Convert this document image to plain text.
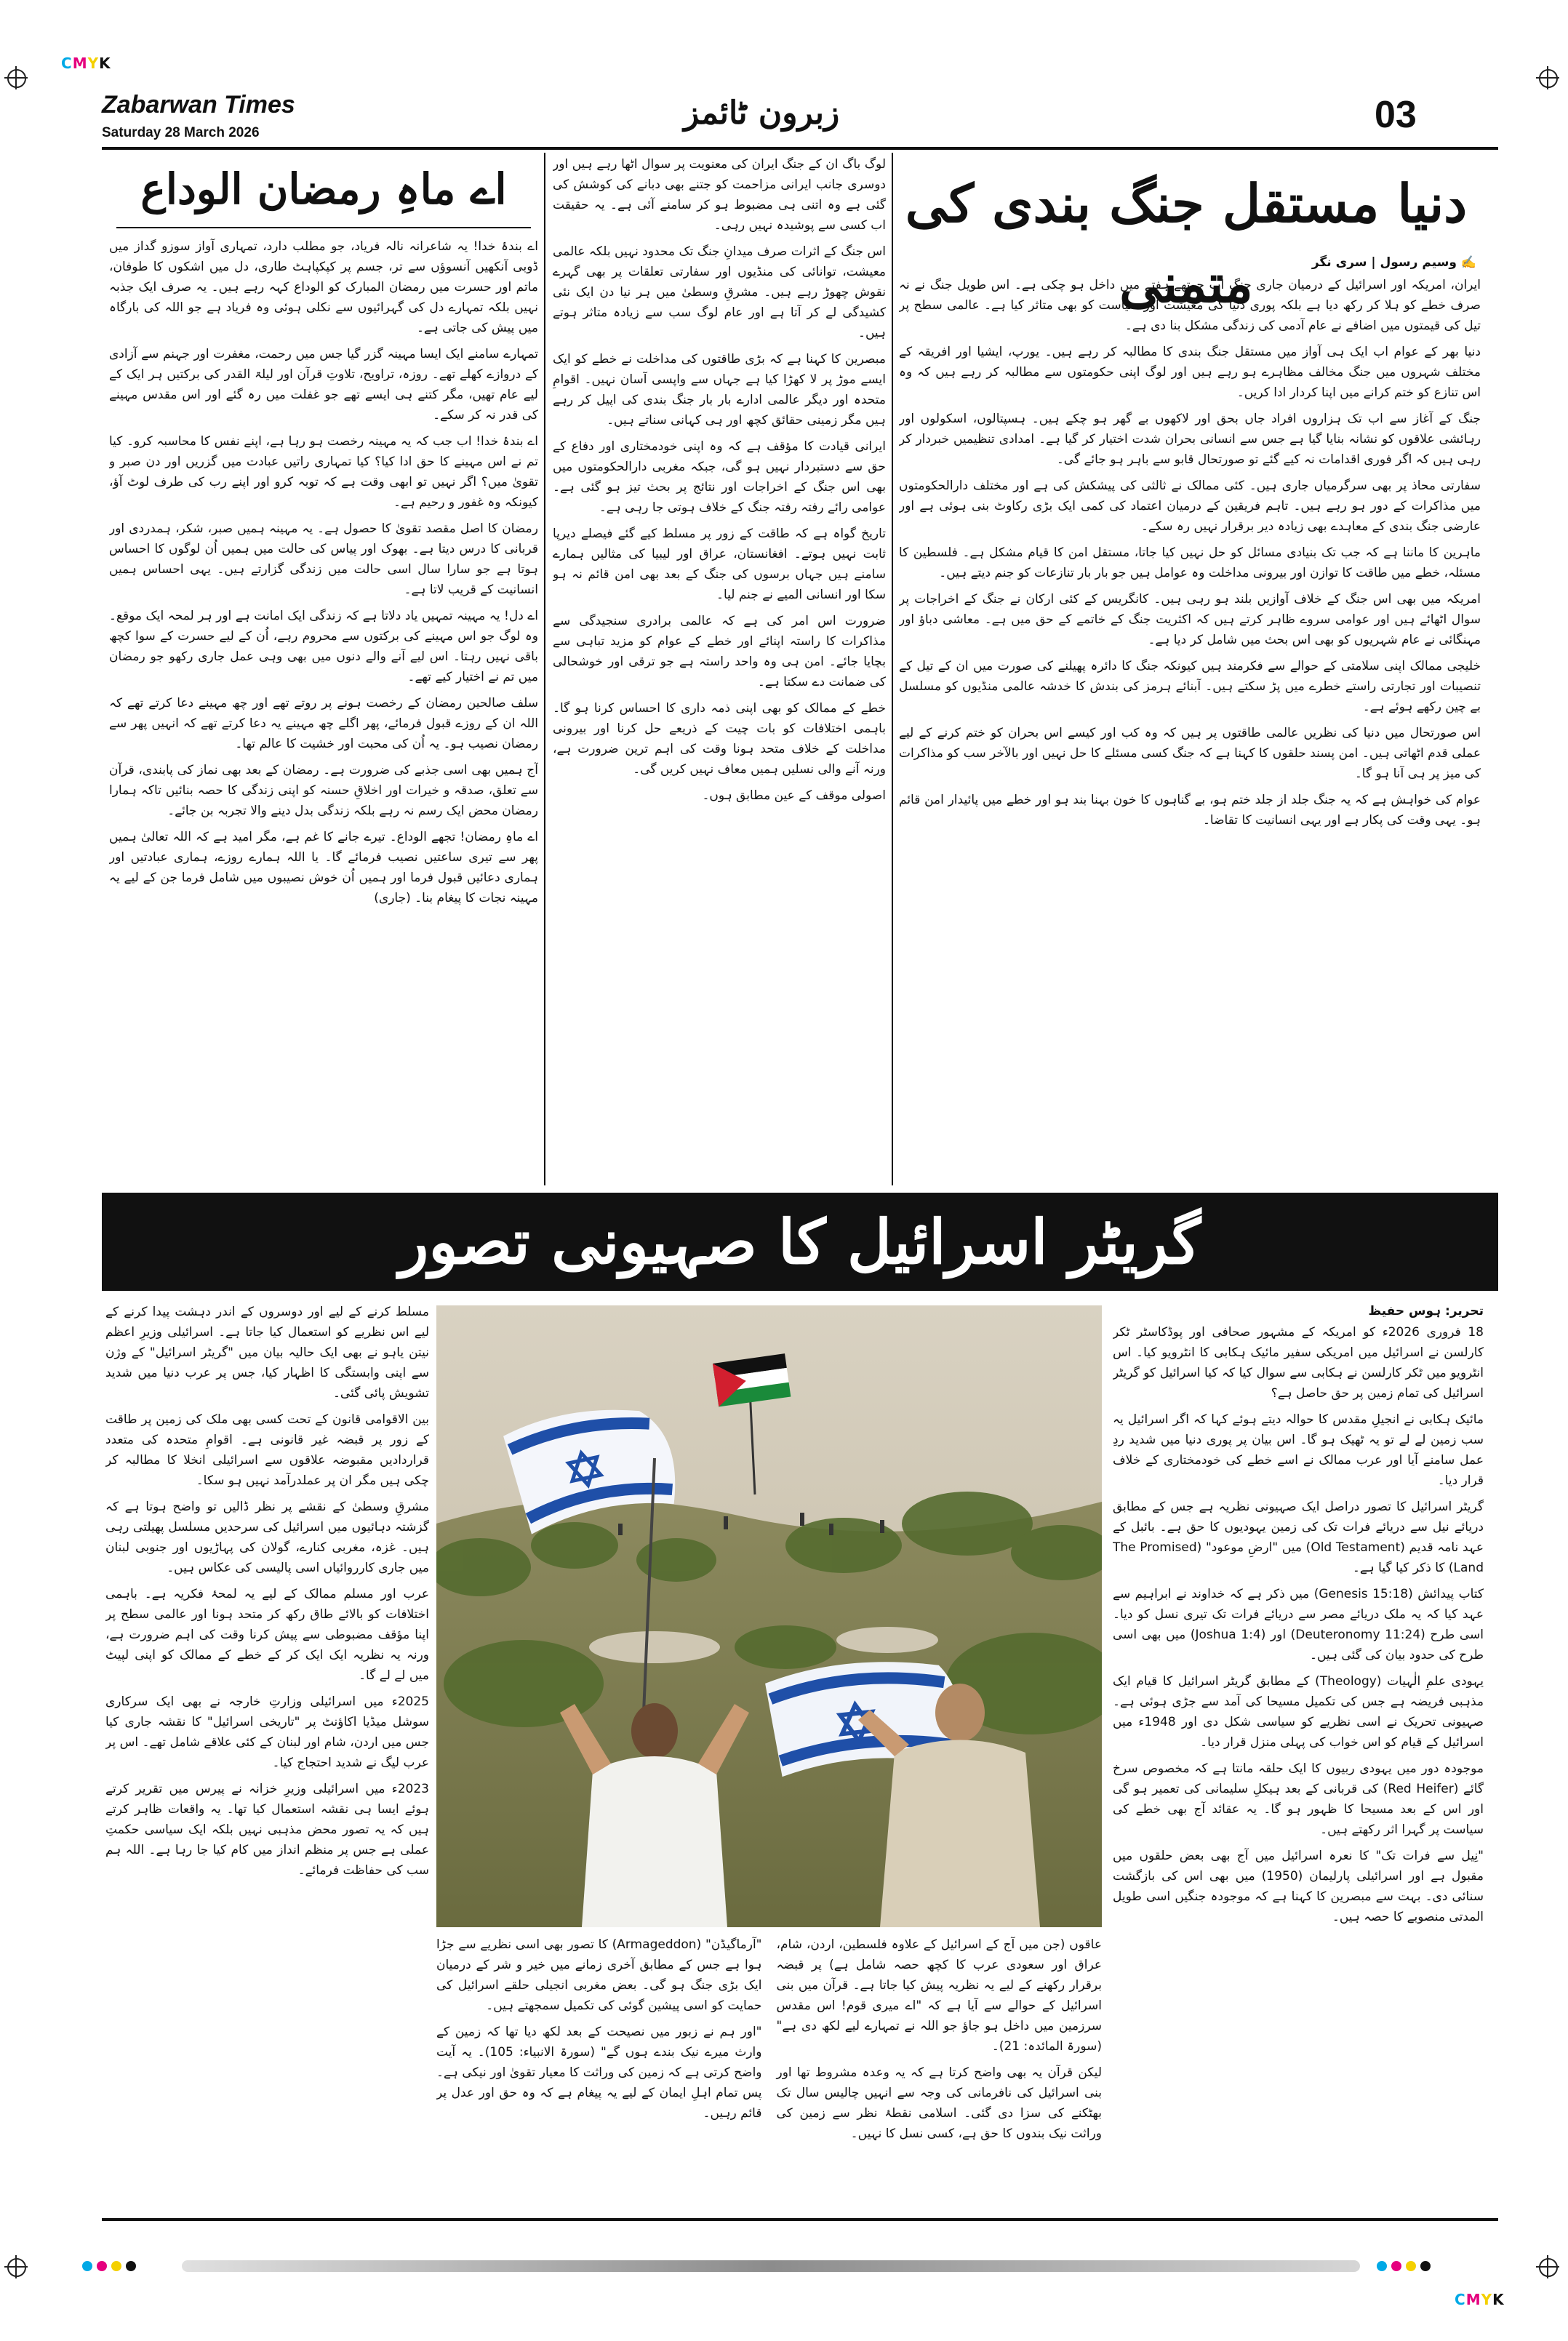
CMYK
Zabarwan Times
Saturday 28 March 2026
زبرون ٹائمز	03
اے ماہِ رمضان الوداع

اے بندۂ خدا! یہ شاعرانہ نالہ فریاد، جو مطلب دارد، تمہاری آواز سوزو گداز میں ڈوبی آنکھیں آنسوؤں سے تر، جسم پر کپکپاہٹ طاری، دل میں اشکوں کا طوفان، ماتم اور حسرت میں رمضان المبارک کو الوداع کہہ رہے ہیں۔ یہ صرف ایک جذبہ نہیں بلکہ تمہارے دل کی گہرائیوں سے نکلی ہوئی وہ فریاد ہے جو اللہ کی بارگاہ میں پیش کی جاتی ہے۔

تمہارے سامنے ایک ایسا مہینہ گزر گیا جس میں رحمت، مغفرت اور جہنم سے آزادی کے دروازے کھلے تھے۔ روزہ، تراویح، تلاوتِ قرآن اور لیلۃ القدر کی برکتیں ہر ایک کے لیے عام تھیں، مگر کتنے ہی ایسے تھے جو غفلت میں رہ گئے اور اس مقدس مہینے کی قدر نہ کر سکے۔

اے بندۂ خدا! اب جب کہ یہ مہینہ رخصت ہو رہا ہے، اپنے نفس کا محاسبہ کرو۔ کیا تم نے اس مہینے کا حق ادا کیا؟ کیا تمہاری راتیں عبادت میں گزریں اور دن صبر و تقویٰ میں؟ اگر نہیں تو ابھی وقت ہے کہ توبہ کرو اور اپنے رب کی طرف لوٹ آؤ، کیونکہ وہ غفور و رحیم ہے۔

رمضان کا اصل مقصد تقویٰ کا حصول ہے۔ یہ مہینہ ہمیں صبر، شکر، ہمدردی اور قربانی کا درس دیتا ہے۔ بھوک اور پیاس کی حالت میں ہمیں اُن لوگوں کا احساس ہوتا ہے جو سارا سال اسی حالت میں زندگی گزارتے ہیں۔ یہی احساس ہمیں انسانیت کے قریب لاتا ہے۔

اے دل! یہ مہینہ تمہیں یاد دلاتا ہے کہ زندگی ایک امانت ہے اور ہر لمحہ ایک موقع۔ وہ لوگ جو اس مہینے کی برکتوں سے محروم رہے، اُن کے لیے حسرت کے سوا کچھ باقی نہیں رہتا۔ اس لیے آنے والے دنوں میں بھی وہی عمل جاری رکھو جو رمضان میں تم نے اختیار کیے تھے۔

سلف صالحین رمضان کے رخصت ہونے پر روتے تھے اور چھ مہینے دعا کرتے تھے کہ اللہ ان کے روزے قبول فرمائے، پھر اگلے چھ مہینے یہ دعا کرتے تھے کہ انہیں پھر سے رمضان نصیب ہو۔ یہ اُن کی محبت اور خشیت کا عالم تھا۔

آج ہمیں بھی اسی جذبے کی ضرورت ہے۔ رمضان کے بعد بھی نماز کی پابندی، قرآن سے تعلق، صدقہ و خیرات اور اخلاقِ حسنہ کو اپنی زندگی کا حصہ بنائیں تاکہ ہمارا رمضان محض ایک رسم نہ رہے بلکہ زندگی بدل دینے والا تجربہ بن جائے۔

اے ماہِ رمضان! تجھے الوداع۔ تیرے جانے کا غم ہے، مگر امید ہے کہ اللہ تعالیٰ ہمیں پھر سے تیری ساعتیں نصیب فرمائے گا۔ یا اللہ ہمارے روزے، ہماری عبادتیں اور ہماری دعائیں قبول فرما اور ہمیں اُن خوش نصیبوں میں شامل فرما جن کے لیے یہ مہینہ نجات کا پیغام بنا۔ (جاری)

لوگ باگ ان کے جنگ ایران کی معنویت پر سوال اٹھا رہے ہیں اور دوسری جانب ایرانی مزاحمت کو جتنے بھی دبانے کی کوشش کی گئی ہے وہ اتنی ہی مضبوط ہو کر سامنے آئی ہے۔ یہ حقیقت اب کسی سے پوشیدہ نہیں رہی۔

اس جنگ کے اثرات صرف میدانِ جنگ تک محدود نہیں بلکہ عالمی معیشت، توانائی کی منڈیوں اور سفارتی تعلقات پر بھی گہرے نقوش چھوڑ رہے ہیں۔ مشرقِ وسطیٰ میں ہر نیا دن ایک نئی کشیدگی لے کر آتا ہے اور عام لوگ سب سے زیادہ متاثر ہوتے ہیں۔

مبصرین کا کہنا ہے کہ بڑی طاقتوں کی مداخلت نے خطے کو ایک ایسے موڑ پر لا کھڑا کیا ہے جہاں سے واپسی آسان نہیں۔ اقوامِ متحدہ اور دیگر عالمی ادارے بار بار جنگ بندی کی اپیل کر رہے ہیں مگر زمینی حقائق کچھ اور ہی کہانی سناتے ہیں۔

ایرانی قیادت کا مؤقف ہے کہ وہ اپنی خودمختاری اور دفاع کے حق سے دستبردار نہیں ہو گی، جبکہ مغربی دارالحکومتوں میں بھی اس جنگ کے اخراجات اور نتائج پر بحث تیز ہو گئی ہے۔ عوامی رائے رفتہ رفتہ جنگ کے خلاف ہوتی جا رہی ہے۔

تاریخ گواہ ہے کہ طاقت کے زور پر مسلط کیے گئے فیصلے دیرپا ثابت نہیں ہوتے۔ افغانستان، عراق اور لیبیا کی مثالیں ہمارے سامنے ہیں جہاں برسوں کی جنگ کے بعد بھی امن قائم نہ ہو سکا اور انسانی المیے نے جنم لیا۔

ضرورت اس امر کی ہے کہ عالمی برادری سنجیدگی سے مذاکرات کا راستہ اپنائے اور خطے کے عوام کو مزید تباہی سے بچایا جائے۔ امن ہی وہ واحد راستہ ہے جو ترقی اور خوشحالی کی ضمانت دے سکتا ہے۔

خطے کے ممالک کو بھی اپنی ذمہ داری کا احساس کرنا ہو گا۔ باہمی اختلافات کو بات چیت کے ذریعے حل کرنا اور بیرونی مداخلت کے خلاف متحد ہونا وقت کی اہم ترین ضرورت ہے، ورنہ آنے والی نسلیں ہمیں معاف نہیں کریں گی۔

اصولی موقف کے عین مطابق ہوں۔

دنیا مستقل جنگ بندی کی متمنی	✍️ وسیم رسول | سری نگر

ایران، امریکہ اور اسرائیل کے درمیان جاری جنگ اب چوتھے ہفتے میں داخل ہو چکی ہے۔ اس طویل جنگ نے نہ صرف خطے کو ہلا کر رکھ دیا ہے بلکہ پوری دنیا کی معیشت اور سیاست کو بھی متاثر کیا ہے۔ عالمی سطح پر تیل کی قیمتوں میں اضافے نے عام آدمی کی زندگی مشکل بنا دی ہے۔

دنیا بھر کے عوام اب ایک ہی آواز میں مستقل جنگ بندی کا مطالبہ کر رہے ہیں۔ یورپ، ایشیا اور افریقہ کے مختلف شہروں میں جنگ مخالف مظاہرے ہو رہے ہیں اور لوگ اپنی حکومتوں سے مطالبہ کر رہے ہیں کہ وہ اس تنازع کو ختم کرانے میں اپنا کردار ادا کریں۔

جنگ کے آغاز سے اب تک ہزاروں افراد جاں بحق اور لاکھوں بے گھر ہو چکے ہیں۔ ہسپتالوں، اسکولوں اور رہائشی علاقوں کو نشانہ بنایا گیا ہے جس سے انسانی بحران شدت اختیار کر گیا ہے۔ امدادی تنظیمیں خبردار کر رہی ہیں کہ اگر فوری اقدامات نہ کیے گئے تو صورتحال قابو سے باہر ہو جائے گی۔

سفارتی محاذ پر بھی سرگرمیاں جاری ہیں۔ کئی ممالک نے ثالثی کی پیشکش کی ہے اور مختلف دارالحکومتوں میں مذاکرات کے دور ہو رہے ہیں۔ تاہم فریقین کے درمیان اعتماد کی کمی ایک بڑی رکاوٹ بنی ہوئی ہے اور عارضی جنگ بندی کے معاہدے بھی زیادہ دیر برقرار نہیں رہ سکے۔

ماہرین کا ماننا ہے کہ جب تک بنیادی مسائل کو حل نہیں کیا جاتا، مستقل امن کا قیام مشکل ہے۔ فلسطین کا مسئلہ، خطے میں طاقت کا توازن اور بیرونی مداخلت وہ عوامل ہیں جو بار بار تنازعات کو جنم دیتے ہیں۔

امریکہ میں بھی اس جنگ کے خلاف آوازیں بلند ہو رہی ہیں۔ کانگریس کے کئی ارکان نے جنگ کے اخراجات پر سوال اٹھائے ہیں اور عوامی سروے ظاہر کرتے ہیں کہ اکثریت جنگ کے خاتمے کے حق میں ہے۔ معاشی دباؤ اور مہنگائی نے عام شہریوں کو بھی اس بحث میں شامل کر دیا ہے۔

خلیجی ممالک اپنی سلامتی کے حوالے سے فکرمند ہیں کیونکہ جنگ کا دائرہ پھیلنے کی صورت میں ان کے تیل کے تنصیبات اور تجارتی راستے خطرے میں پڑ سکتے ہیں۔ آبنائے ہرمز کی بندش کا خدشہ عالمی منڈیوں کو مسلسل بے چین رکھے ہوئے ہے۔

اس صورتحال میں دنیا کی نظریں عالمی طاقتوں پر ہیں کہ وہ کب اور کیسے اس بحران کو ختم کرنے کے لیے عملی قدم اٹھاتی ہیں۔ امن پسند حلقوں کا کہنا ہے کہ جنگ کسی مسئلے کا حل نہیں اور بالآخر سب کو مذاکرات کی میز پر ہی آنا ہو گا۔

عوام کی خواہش ہے کہ یہ جنگ جلد از جلد ختم ہو، بے گناہوں کا خون بہنا بند ہو اور خطے میں پائیدار امن قائم ہو۔ یہی وقت کی پکار ہے اور یہی انسانیت کا تقاضا۔

گریٹر اسرائیل کا صہیونی تصور
تحریر: ہوس حفیظ

18 فروری 2026ء کو امریکہ کے مشہور صحافی اور پوڈکاسٹر ٹکر کارلسن نے اسرائیل میں امریکی سفیر مائیک ہکابی کا انٹرویو کیا۔ اس انٹرویو میں ٹکر کارلسن نے ہکابی سے سوال کیا کہ کیا اسرائیل کو گریٹر اسرائیل کی تمام زمین پر حق حاصل ہے؟

مائیک ہکابی نے انجیلِ مقدس کا حوالہ دیتے ہوئے کہا کہ اگر اسرائیل یہ سب زمین لے لے تو یہ ٹھیک ہو گا۔ اس بیان پر پوری دنیا میں شدید ردِ عمل سامنے آیا اور عرب ممالک نے اسے خطے کی خودمختاری کے خلاف قرار دیا۔

گریٹر اسرائیل کا تصور دراصل ایک صہیونی نظریہ ہے جس کے مطابق دریائے نیل سے دریائے فرات تک کی زمین یہودیوں کا حق ہے۔ بائبل کے عہد نامہ قدیم (Old Testament) میں "ارضِ موعود" (The Promised Land) کا ذکر کیا گیا ہے۔

کتاب پیدائش (Genesis 15:18) میں ذکر ہے کہ خداوند نے ابراہیم سے عہد کیا کہ یہ ملک دریائے مصر سے دریائے فرات تک تیری نسل کو دیا۔ اسی طرح (Deuteronomy 11:24) اور (Joshua 1:4) میں بھی اسی طرح کی حدود بیان کی گئی ہیں۔

یہودی علمِ الٰہیات (Theology) کے مطابق گریٹر اسرائیل کا قیام ایک مذہبی فریضہ ہے جس کی تکمیل مسیحا کی آمد سے جڑی ہوئی ہے۔ صہیونی تحریک نے اسی نظریے کو سیاسی شکل دی اور 1948ء میں اسرائیل کے قیام کو اس خواب کی پہلی منزل قرار دیا۔

موجودہ دور میں یہودی ربیوں کا ایک حلقہ مانتا ہے کہ مخصوص سرخ گائے (Red Heifer) کی قربانی کے بعد ہیکلِ سلیمانی کی تعمیر ہو گی اور اس کے بعد مسیحا کا ظہور ہو گا۔ یہ عقائد آج بھی خطے کی سیاست پر گہرا اثر رکھتے ہیں۔

"نِیل سے فرات تک" کا نعرہ اسرائیل میں آج بھی بعض حلقوں میں مقبول ہے اور اسرائیلی پارلیمان (1950) میں بھی اس کی بازگشت سنائی دی۔ بہت سے مبصرین کا کہنا ہے کہ موجودہ جنگیں اسی طویل المدتی منصوبے کا حصہ ہیں۔

عاقوں (جن میں آج کے اسرائیل کے علاوہ فلسطین، اردن، شام، عراق اور سعودی عرب کا کچھ حصہ شامل ہے) پر قبضہ برقرار رکھنے کے لیے یہ نظریہ پیش کیا جاتا ہے۔ قرآن میں بنی اسرائیل کے حوالے سے آیا ہے کہ "اے میری قوم! اس مقدس سرزمین میں داخل ہو جاؤ جو اللہ نے تمہارے لیے لکھ دی ہے" (سورۃ المائدہ: 21)۔

لیکن قرآن یہ بھی واضح کرتا ہے کہ یہ وعدہ مشروط تھا اور بنی اسرائیل کی نافرمانی کی وجہ سے انہیں چالیس سال تک بھٹکنے کی سزا دی گئی۔ اسلامی نقطۂ نظر سے زمین کی وراثت نیک بندوں کا حق ہے، کسی نسل کا نہیں۔

"آرماگیڈن" (Armageddon) کا تصور بھی اسی نظریے سے جڑا ہوا ہے جس کے مطابق آخری زمانے میں خیر و شر کے درمیان ایک بڑی جنگ ہو گی۔ بعض مغربی انجیلی حلقے اسرائیل کی حمایت کو اسی پیشین گوئی کی تکمیل سمجھتے ہیں۔

"اور ہم نے زبور میں نصیحت کے بعد لکھ دیا تھا کہ زمین کے وارث میرے نیک بندے ہوں گے" (سورۃ الانبیاء: 105)۔ یہ آیت واضح کرتی ہے کہ زمین کی وراثت کا معیار تقویٰ اور نیکی ہے۔ پس تمام اہلِ ایمان کے لیے یہ پیغام ہے کہ وہ حق اور عدل پر قائم رہیں۔

مسلط کرنے کے لیے اور دوسروں کے اندر دہشت پیدا کرنے کے لیے اس نظریے کو استعمال کیا جاتا ہے۔ اسرائیلی وزیرِ اعظم نیتن یاہو نے بھی ایک حالیہ بیان میں "گریٹر اسرائیل" کے وژن سے اپنی وابستگی کا اظہار کیا، جس پر عرب دنیا میں شدید تشویش پائی گئی۔

بین الاقوامی قانون کے تحت کسی بھی ملک کی زمین پر طاقت کے زور پر قبضہ غیر قانونی ہے۔ اقوامِ متحدہ کی متعدد قراردادیں مقبوضہ علاقوں سے اسرائیلی انخلا کا مطالبہ کر چکی ہیں مگر ان پر عملدرآمد نہیں ہو سکا۔

مشرقِ وسطیٰ کے نقشے پر نظر ڈالیں تو واضح ہوتا ہے کہ گزشتہ دہائیوں میں اسرائیل کی سرحدیں مسلسل پھیلتی رہی ہیں۔ غزہ، مغربی کنارے، گولان کی پہاڑیوں اور جنوبی لبنان میں جاری کارروائیاں اسی پالیسی کی عکاس ہیں۔

عرب اور مسلم ممالک کے لیے یہ لمحۂ فکریہ ہے۔ باہمی اختلافات کو بالائے طاق رکھ کر متحد ہونا اور عالمی سطح پر اپنا مؤقف مضبوطی سے پیش کرنا وقت کی اہم ضرورت ہے، ورنہ یہ نظریہ ایک ایک کر کے خطے کے ممالک کو اپنی لپیٹ میں لے لے گا۔

2025ء میں اسرائیلی وزارتِ خارجہ نے بھی ایک سرکاری سوشل میڈیا اکاؤنٹ پر "تاریخی اسرائیل" کا نقشہ جاری کیا جس میں اردن، شام اور لبنان کے کئی علاقے شامل تھے۔ اس پر عرب لیگ نے شدید احتجاج کیا۔

2023ء میں اسرائیلی وزیرِ خزانہ نے پیرس میں تقریر کرتے ہوئے ایسا ہی نقشہ استعمال کیا تھا۔ یہ واقعات ظاہر کرتے ہیں کہ یہ تصور محض مذہبی نہیں بلکہ ایک سیاسی حکمتِ عملی ہے جس پر منظم انداز میں کام کیا جا رہا ہے۔ اللہ ہم سب کی حفاظت فرمائے۔

CMYK
